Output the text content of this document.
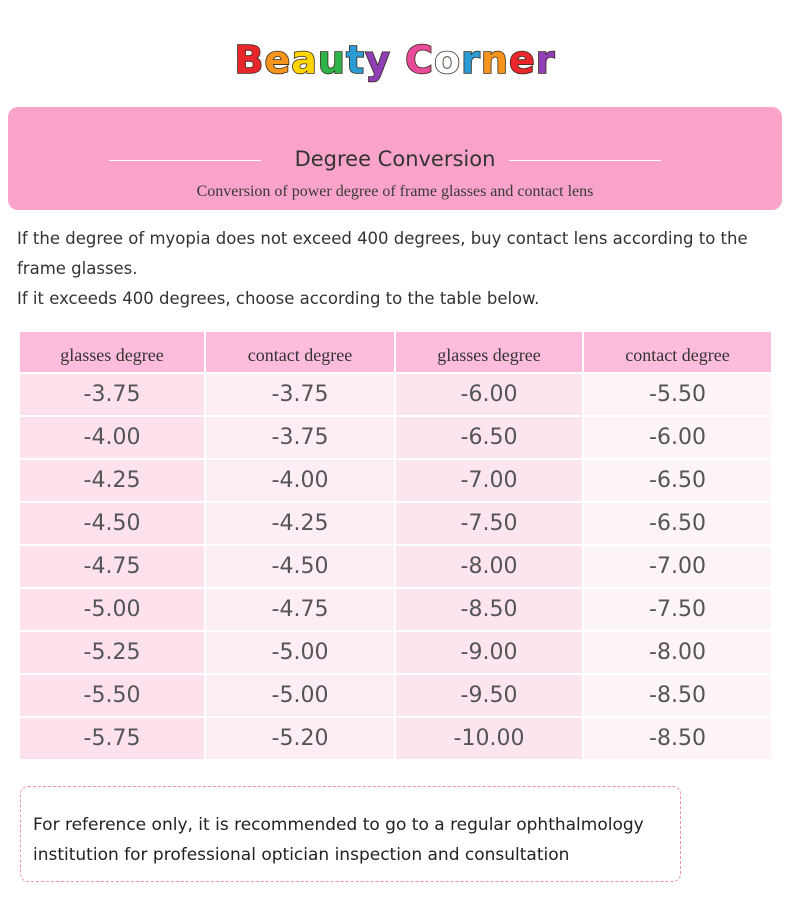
Beauty Corner
Degree Conversion
Conversion of power degree of frame glasses and contact lens

If the degree of myopia does not exceed 400 degrees, buy contact lens according to the frame glasses.

If it exceeds 400 degrees, choose according to the table below.

glasses degree	contact degree	glasses degree	contact degree
-3.75	-3.75	-6.00	-5.50
-4.00	-3.75	-6.50	-6.00
-4.25	-4.00	-7.00	-6.50
-4.50	-4.25	-7.50	-6.50
-4.75	-4.50	-8.00	-7.00
-5.00	-4.75	-8.50	-7.50
-5.25	-5.00	-9.00	-8.00
-5.50	-5.00	-9.50	-8.50
-5.75	-5.20	-10.00	-8.50
For reference only, it is recommended to go to a regular ophthalmology institution for professional optician inspection and consultation
